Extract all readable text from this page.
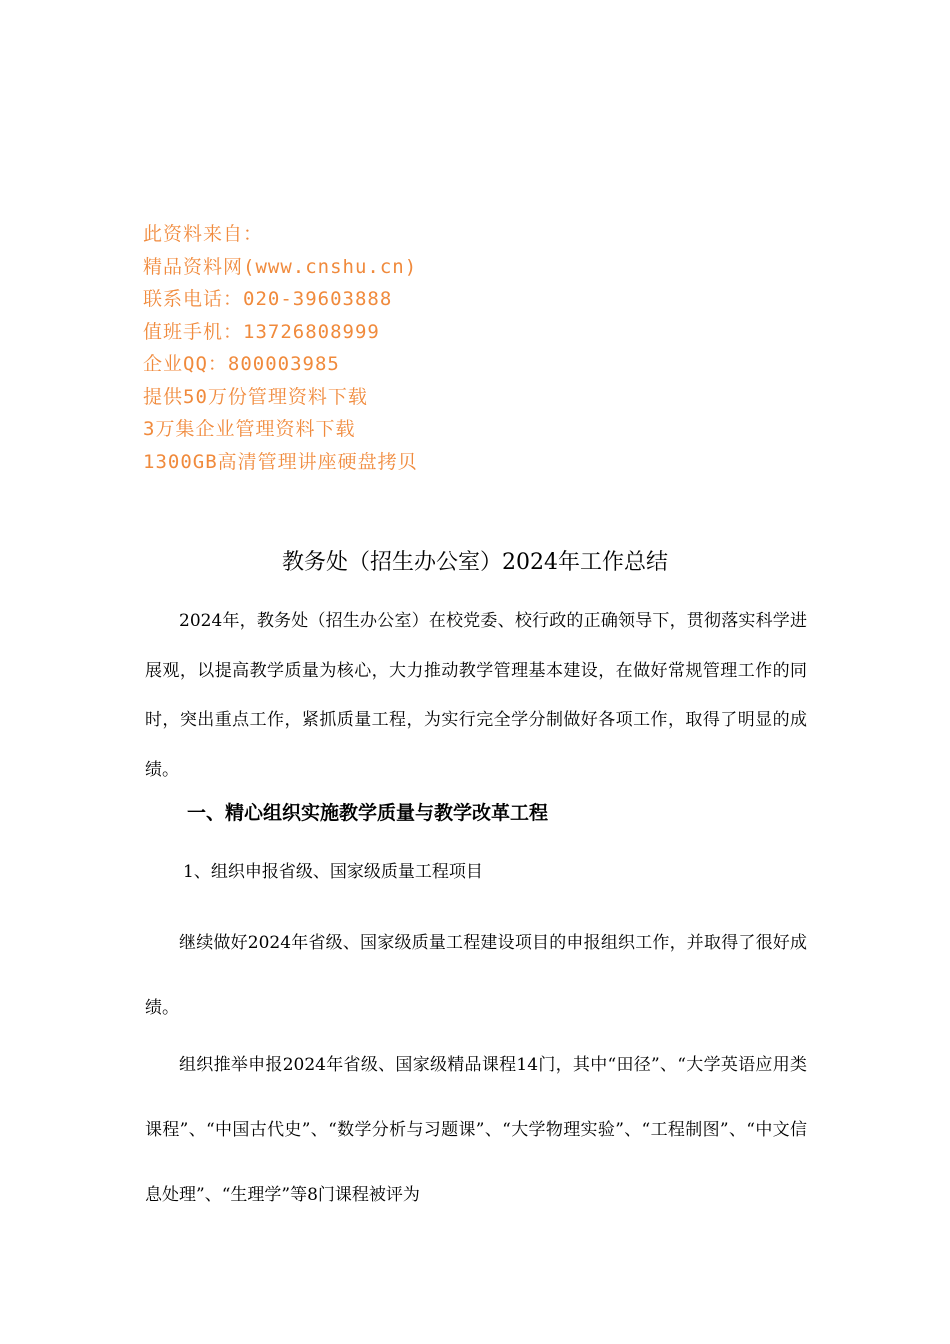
此资料来自：
精品资料网(www.cnshu.cn)
联系电话：020-39603888
值班手机：13726808999
企业QQ：800003985
提供50万份管理资料下载
3万集企业管理资料下载
1300GB高清管理讲座硬盘拷贝
教务处（招生办公室）2024年工作总结
2024年，教务处（招生办公室）在校党委、校行政的正确领导下，贯彻落实科学进展观，以提高教学质量为核心，大力推动教学管理基本建设，在做好常规管理工作的同时，突出重点工作，紧抓质量工程，为实行完全学分制做好各项工作，取得了明显的成绩。
一、精心组织实施教学质量与教学改革工程
1、组织申报省级、国家级质量工程项目
继续做好2024年省级、国家级质量工程建设项目的申报组织工作，并取得了很好成绩。
组织推举申报2024年省级、国家级精品课程14门，其中“田径”、“大学英语应用类课程”、“中国古代史”、“数学分析与习题课”、“大学物理实验”、“工程制图”、“中文信息处理”、“生理学”等8门课程被评为
